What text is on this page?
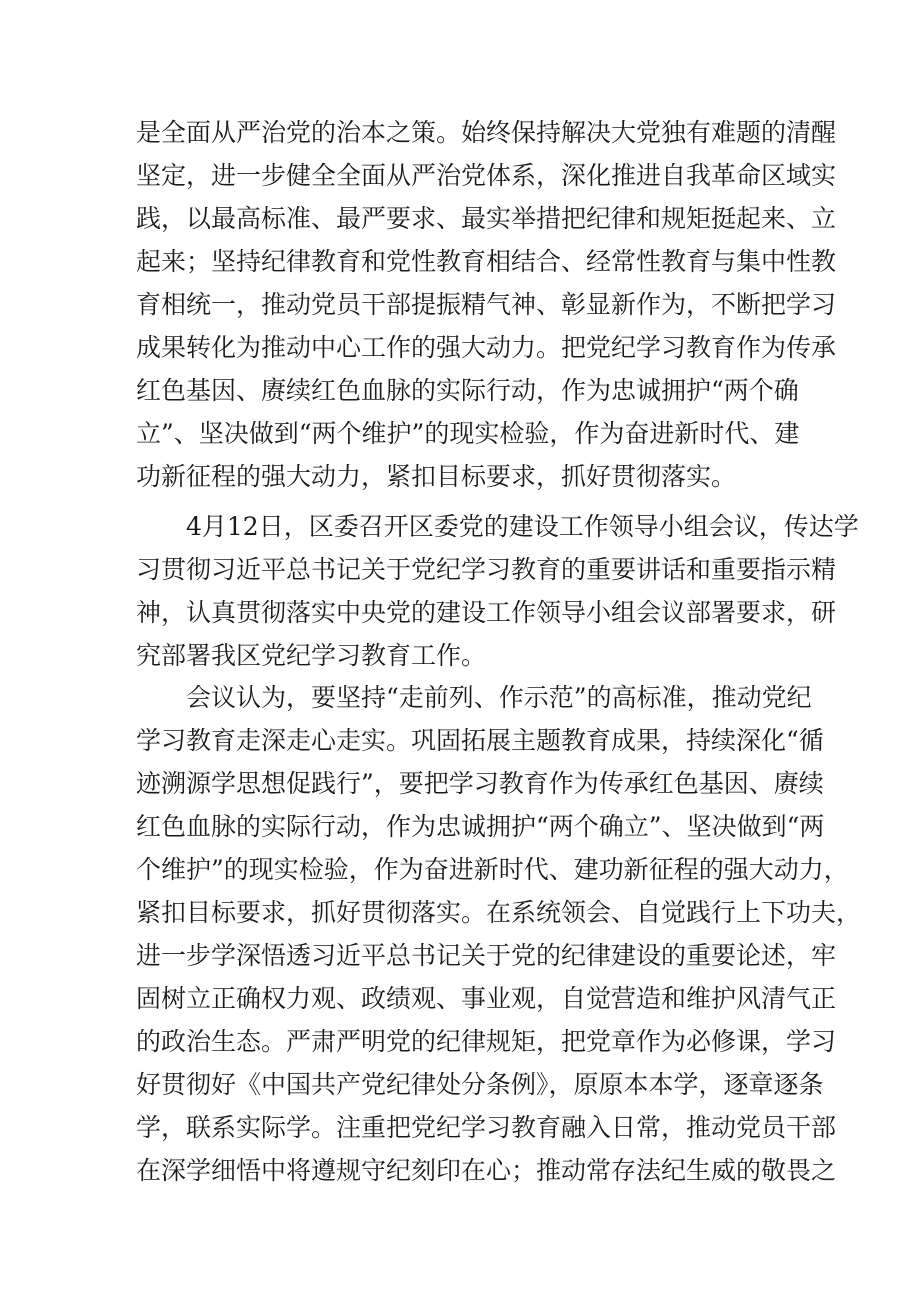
是全面从严治党的治本之策。始终保持解决大党独有难题的清醒
坚定，进一步健全全面从严治党体系，深化推进自我革命区域实
践，以最高标准、最严要求、最实举措把纪律和规矩挺起来、立
起来；坚持纪律教育和党性教育相结合、经常性教育与集中性教
育相统一，推动党员干部提振精气神、彰显新作为，不断把学习
成果转化为推动中心工作的强大动力。把党纪学习教育作为传承
红色基因、赓续红色血脉的实际行动，作为忠诚拥护“两个确
立”、坚决做到“两个维护”的现实检验，作为奋进新时代、建
功新征程的强大动力，紧扣目标要求，抓好贯彻落实。
4月12日，区委召开区委党的建设工作领导小组会议，传达学
习贯彻习近平总书记关于党纪学习教育的重要讲话和重要指示精
神，认真贯彻落实中央党的建设工作领导小组会议部署要求，研
究部署我区党纪学习教育工作。
会议认为，要坚持“走前列、作示范”的高标准，推动党纪
学习教育走深走心走实。巩固拓展主题教育成果，持续深化“循
迹溯源学思想促践行”，要把学习教育作为传承红色基因、赓续
红色血脉的实际行动，作为忠诚拥护“两个确立”、坚决做到“两
个维护”的现实检验，作为奋进新时代、建功新征程的强大动力，
紧扣目标要求，抓好贯彻落实。在系统领会、自觉践行上下功夫，
进一步学深悟透习近平总书记关于党的纪律建设的重要论述，牢
固树立正确权力观、政绩观、事业观，自觉营造和维护风清气正
的政治生态。严肃严明党的纪律规矩，把党章作为必修课，学习
好贯彻好《中国共产党纪律处分条例》，原原本本学，逐章逐条
学，联系实际学。注重把党纪学习教育融入日常，推动党员干部
在深学细悟中将遵规守纪刻印在心；推动常存法纪生威的敬畏之
